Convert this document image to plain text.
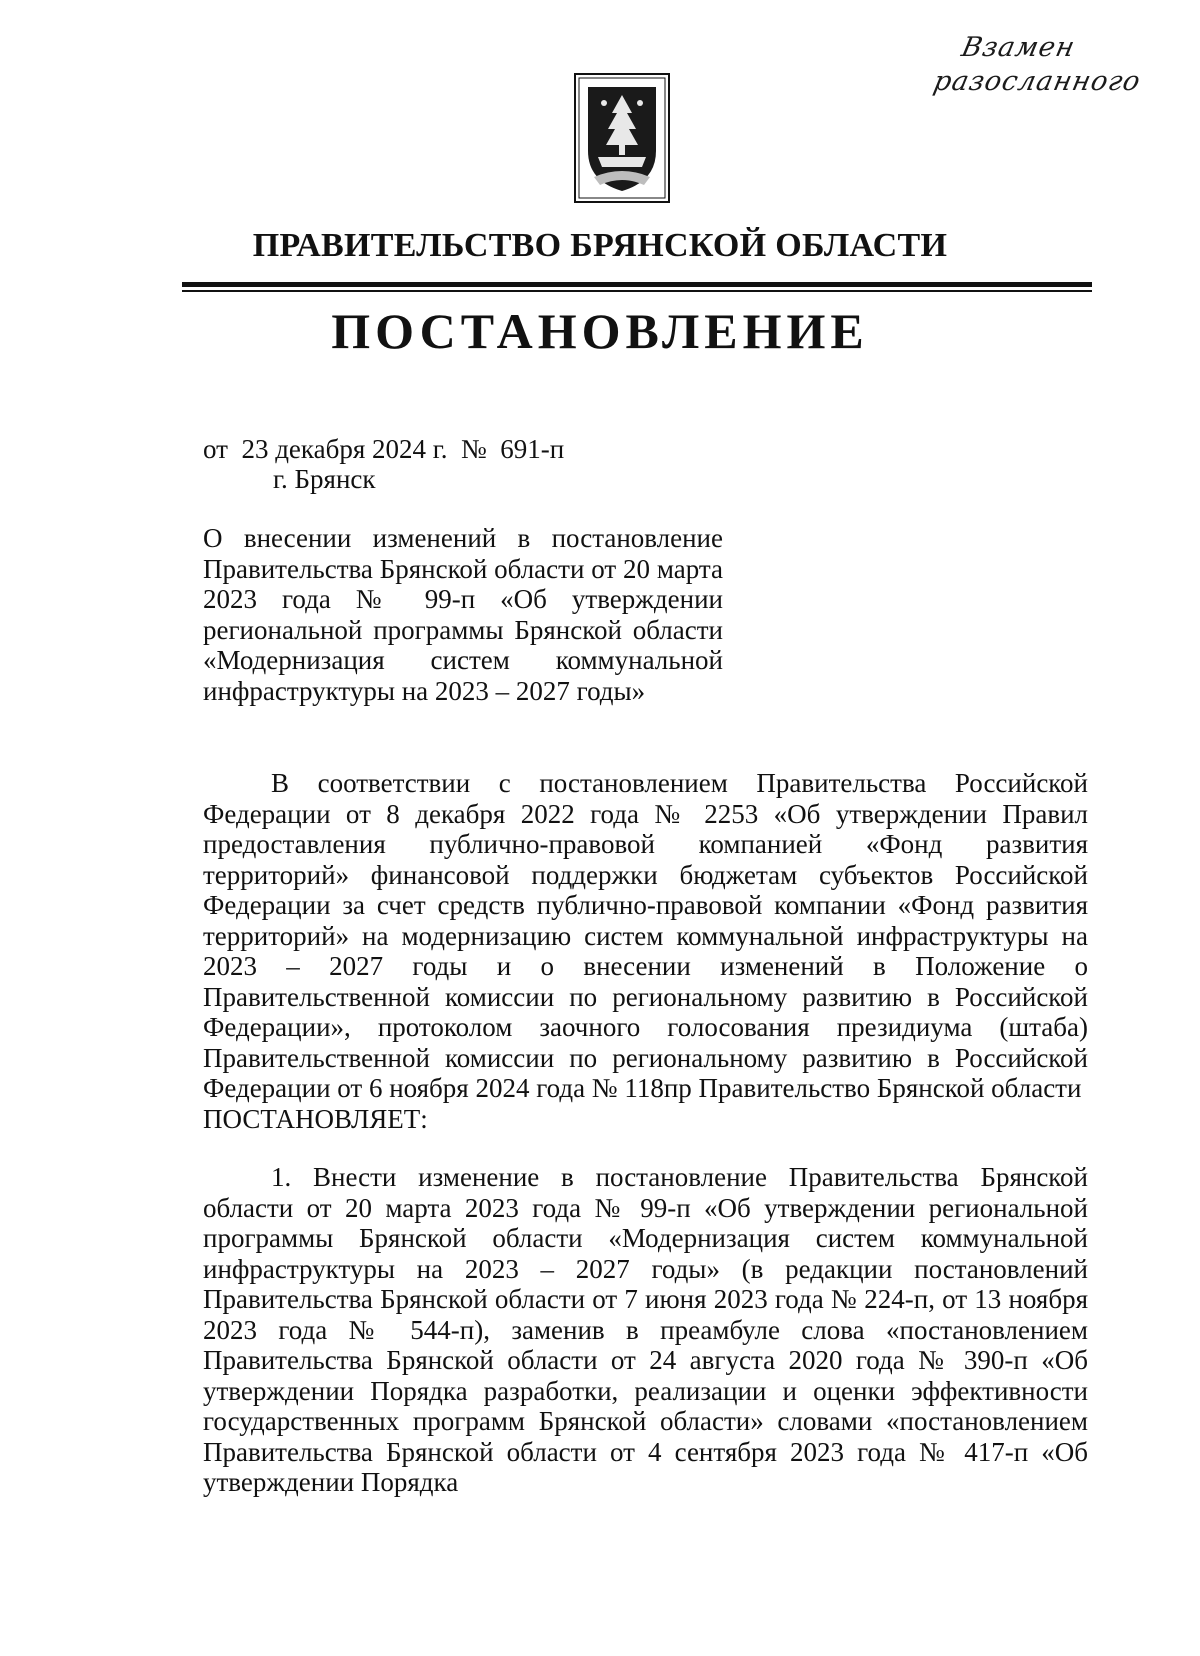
Взамен
разосланного
ПРАВИТЕЛЬСТВО БРЯНСКОЙ ОБЛАСТИ
ПОСТАНОВЛЕНИЕ
от  23 декабря 2024 г.  №  691-п
г. Брянск
О внесении изменений в постановление Правительства Брянской области от 20 марта 2023 года № 99-п «Об утверждении региональной программы Брянской области «Модернизация систем коммунальной инфраструктуры на 2023 – 2027 годы»

В соответствии с постановлением Правительства Российской Федерации от 8 декабря 2022 года № 2253 «Об утверждении Правил предоставления публично-правовой компанией «Фонд развития территорий» финансовой поддержки бюджетам субъектов Российской Федерации за счет средств публично-правовой компании «Фонд развития территорий» на модернизацию систем коммунальной инфраструктуры на 2023 – 2027 годы и о внесении изменений в Положение о Правительственной комиссии по региональному развитию в Российской Федерации», протоколом заочного голосования президиума (штаба) Правительственной комиссии по региональному развитию в Российской Федерации от 6 ноября 2024 года № 118пр Правительство Брянской области

ПОСТАНОВЛЯЕТ:

1. Внести изменение в постановление Правительства Брянской области от 20 марта 2023 года № 99-п «Об утверждении региональной программы Брянской области «Модернизация систем коммунальной инфраструктуры на 2023 – 2027 годы» (в редакции постановлений Правительства Брянской области от 7 июня 2023 года № 224-п, от 13 ноября 2023 года № 544-п), заменив в преамбуле слова «постановлением Правительства Брянской области от 24 августа 2020 года № 390-п «Об утверждении Порядка разработки, реализации и оценки эффективности государственных программ Брянской области» словами «постановлением Правительства Брянской области от 4 сентября 2023 года № 417-п «Об утверждении Порядка
